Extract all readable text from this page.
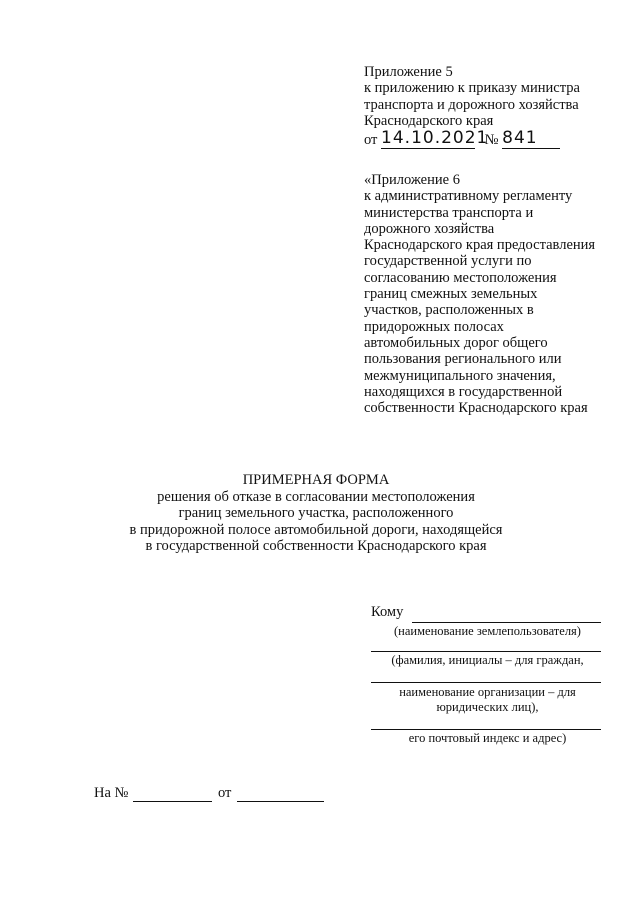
Приложение 5
к приложению к приказу министра
транспорта и дорожного хозяйства
Краснодарского края
от 14.10.2021
№ 841
«Приложение 6
к административному регламенту
министерства транспорта и
дорожного хозяйства
Краснодарского края предоставления
государственной услуги по
согласованию местоположения
границ смежных земельных
участков, расположенных в
придорожных полосах
автомобильных дорог общего
пользования регионального или
межмуниципального значения,
находящихся в государственной
собственности Краснодарского края
ПРИМЕРНАЯ ФОРМА
решения об отказе в согласовании местоположения
границ земельного участка, расположенного
в придорожной полосе автомобильной дороги, находящейся
в государственной собственности Краснодарского края
Кому
(наименование землепользователя)
(фамилия, инициалы – для граждан,
наименование организации – для
юридических лиц),
его почтовый индекс и адрес)
На №	от
